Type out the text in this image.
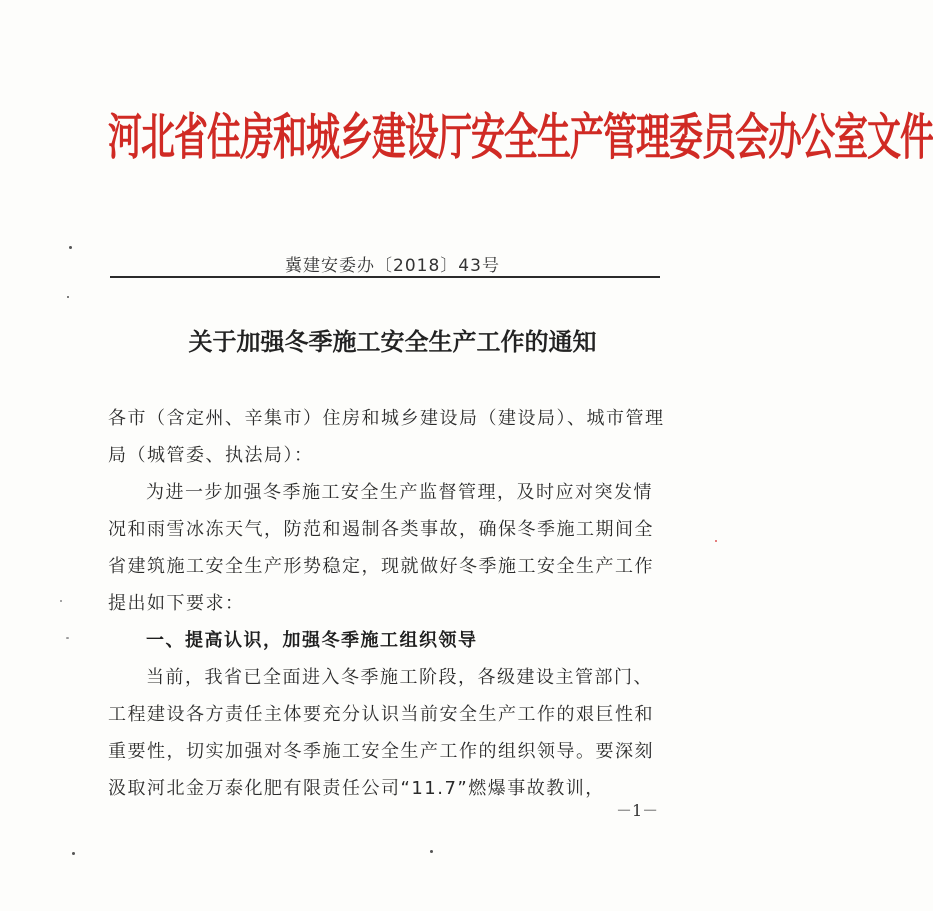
河北省住房和城乡建设厅安全生产管理委员会办公室文件
冀建安委办〔2018〕43号
关于加强冬季施工安全生产工作的通知

各市（含定州、辛集市）住房和城乡建设局（建设局）、城市管理局（城管委、执法局）：

为进一步加强冬季施工安全生产监督管理，及时应对突发情况和雨雪冰冻天气，防范和遏制各类事故，确保冬季施工期间全省建筑施工安全生产形势稳定，现就做好冬季施工安全生产工作提出如下要求：

一、提高认识，加强冬季施工组织领导

当前，我省已全面进入冬季施工阶段，各级建设主管部门、工程建设各方责任主体要充分认识当前安全生产工作的艰巨性和重要性，切实加强对冬季施工安全生产工作的组织领导。要深刻汲取河北金万泰化肥有限责任公司“11.7”燃爆事故教训，

－1－
